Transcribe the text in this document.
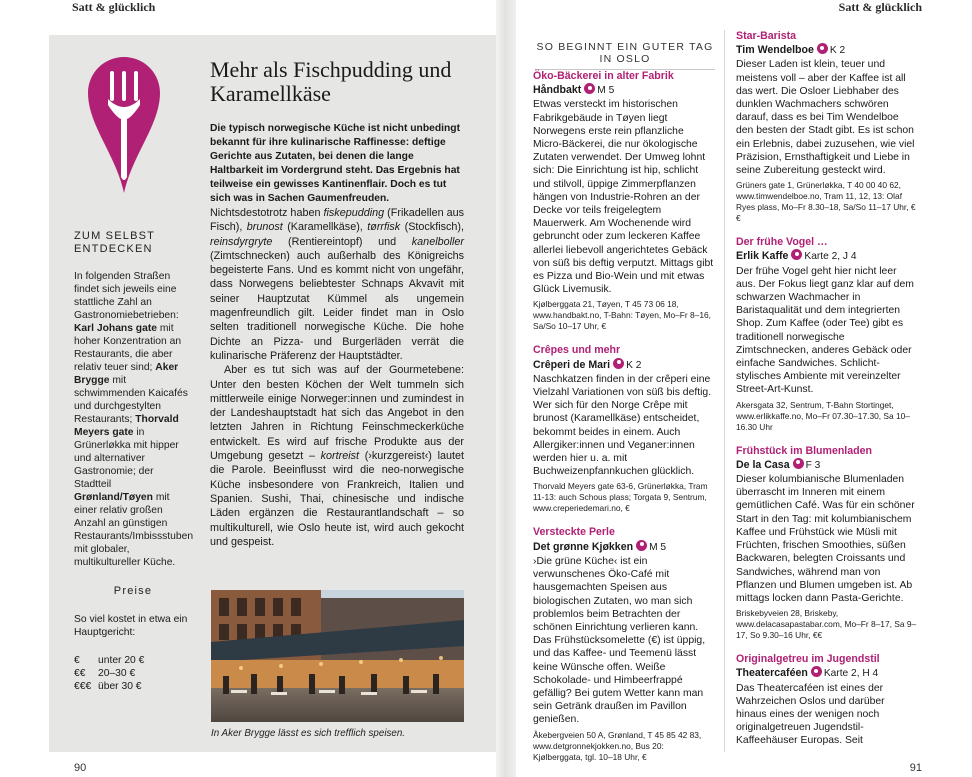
Satt & glücklich	Satt & glücklich
ZUM SELBST ENTDECKEN
In folgenden Straßen findet sich jeweils eine stattliche Zahl an Gastronomiebetrieben: Karl Johans gate mit hoher Konzentration an Restaurants, die aber relativ teuer sind; Aker Brygge mit schwimmenden Kaicafés und durchgestylten Restaurants; Thorvald Meyers gate in Grünerløkka mit hipper und alternativer Gastronomie; der Stadtteil Grønland/Tøyen mit einer relativ großen Anzahl an günstigen Restaurants/Imbissstuben mit globaler, multikultureller Küche.
Preise
So viel kostet in etwa ein Hauptgericht:
€ unter 20 €
€€ 20–30 €
€€€ über 30 €
Mehr als Fischpudding und Karamellkäse

Die typisch norwegische Küche ist nicht unbedingt bekannt für ihre kulinarische Raffinesse: deftige Gerichte aus Zutaten, bei denen die lange Haltbarkeit im Vordergrund steht. Das Ergebnis hat teilweise ein gewisses Kantinenflair. Doch es tut sich was in Sachen Gaumenfreuden.

Nichtsdestotrotz haben fiskepudding (Frikadellen aus Fisch), brunost (Karamellkäse), tørrfisk (Stockfisch), reinsdyrgryte (Rentiereintopf) und kanelboller (Zimtschnecken) auch außerhalb des Königreichs begeisterte Fans. Und es kommt nicht von ungefähr, dass Norwegens beliebtester Schnaps Akvavit mit seiner Hauptzutat Kümmel als ungemein magenfreundlich gilt. Leider findet man in Oslo selten traditionell norwegische Küche. Die hohe Dichte an Pizza- und Burgerläden verrät die kulinarische Präferenz der Hauptstädter.

Aber es tut sich was auf der Gourmetebene: Unter den besten Köchen der Welt tummeln sich mittlerweile einige Norweger:innen und zumindest in der Landeshauptstadt hat sich das Angebot in den letzten Jahren in Richtung Feinschmeckerküche entwickelt. Es wird auf frische Produkte aus der Umgebung gesetzt – kortreist (›kurzgereist‹) lautet die Parole. Beeinflusst wird die neo-norwegische Küche insbesondere von Frankreich, Italien und Spanien. Sushi, Thai, chinesische und indische Läden ergänzen die Restaurantlandschaft – so multikulturell, wie Oslo heute ist, wird auch gekocht und gespeist.

In Aker Brygge lässt es sich trefflich speisen.
90
SO BEGINNT EIN GUTER TAG IN OSLO
Öko-Bäckerei in alter Fabrik
Håndbakt M 5
Etwas versteckt im historischen Fabrikgebäude in Tøyen liegt Norwegens erste rein pflanzliche Micro-Bäckerei, die nur ökologische Zutaten verwendet. Der Umweg lohnt sich: Die Einrichtung ist hip, schlicht und stilvoll, üppige Zimmerpflanzen hängen von Industrie-Rohren an der Decke vor teils freigelegtem Mauerwerk. Am Wochenende wird gebruncht oder zum leckeren Kaffee allerlei liebevoll angerichtetes Gebäck von süß bis deftig verputzt. Mittags gibt es Pizza und Bio-Wein und mit etwas Glück Livemusik.
Kjølberggata 21, Tøyen, T 45 73 06 18, www.handbakt.no, T-Bahn: Tøyen, Mo–Fr 8–16, Sa/So 10–17 Uhr, €
Crêpes und mehr
Crêperi de Mari K 2
Naschkatzen finden in der crêperi eine Vielzahl Variationen von süß bis deftig. Wer sich für den Norge Crêpe mit brunost (Karamellkäse) entscheidet, bekommt beides in einem. Auch Allergiker:innen und Veganer:innen werden hier u. a. mit Buchweizenpfannkuchen glücklich.
Thorvald Meyers gate 63-6, Grünerløkka, Tram 11-13: auch Schous plass; Torgata 9, Sentrum, www.creperiedemari.no, €
Versteckte Perle
Det grønne Kjøkken M 5
›Die grüne Küche‹ ist ein verwunschenes Öko-Café mit hausgemachten Speisen aus biologischen Zutaten, wo man sich problemlos beim Betrachten der schönen Einrichtung verlieren kann. Das Frühstücksomelette (€) ist üppig, und das Kaffee- und Teemenü lässt keine Wünsche offen. Weiße Schokolade- und Himbeerfrappé gefällig? Bei gutem Wetter kann man sein Getränk draußen im Pavillon genießen.
Åkebergveien 50 A, Grønland, T 45 85 42 83, www.detgronnekjokken.no, Bus 20: Kjølberggata, tgl. 10–18 Uhr, €
Star-Barista
Tim Wendelboe K 2
Dieser Laden ist klein, teuer und meistens voll – aber der Kaffee ist all das wert. Die Osloer Liebhaber des dunklen Wachmachers schwören darauf, dass es bei Tim Wendelboe den besten der Stadt gibt. Es ist schon ein Erlebnis, dabei zuzusehen, wie viel Präzision, Ernsthaftigkeit und Liebe in seine Zubereitung gesteckt wird.
Grüners gate 1, Grünerløkka, T 40 00 40 62, www.timwendelboe.no, Tram 11, 12, 13: Olaf Ryes plass, Mo–Fr 8.30–18, Sa/So 11–17 Uhr, €€
Der frühe Vogel …
Erlik Kaffe Karte 2, J 4
Der frühe Vogel geht hier nicht leer aus. Der Fokus liegt ganz klar auf dem schwarzen Wachmacher in Baristaqualität und dem integrierten Shop. Zum Kaffee (oder Tee) gibt es traditionell norwegische Zimtschnecken, anderes Gebäck oder einfache Sandwiches. Schlicht-stylisches Ambiente mit vereinzelter Street-Art-Kunst.
Akersgata 32, Sentrum, T-Bahn Stortinget, www.erlikkaffe.no, Mo–Fr 07.30–17.30, Sa 10–16.30 Uhr
Frühstück im Blumenladen
De la Casa F 3
Dieser kolumbianische Blumenladen überrascht im Inneren mit einem gemütlichen Café. Was für ein schöner Start in den Tag: mit kolumbianischem Kaffee und Frühstück wie Müsli mit Früchten, frischen Smoothies, süßen Backwaren, belegten Croissants und Sandwiches, während man von Pflanzen und Blumen umgeben ist. Ab mittags locken dann Pasta-Gerichte.
Briskebyveien 28, Briskeby, www.delacasapastabar.com, Mo–Fr 8–17, Sa 9–17, So 9.30–16 Uhr, €€
Originalgetreu im Jugendstil
Theatercaféen Karte 2, H 4
Das Theatercaféen ist eines der Wahrzeichen Oslos und darüber hinaus eines der wenigen noch originalgetreuen Jugendstil-Kaffeehäuser Europas. Seit
91
